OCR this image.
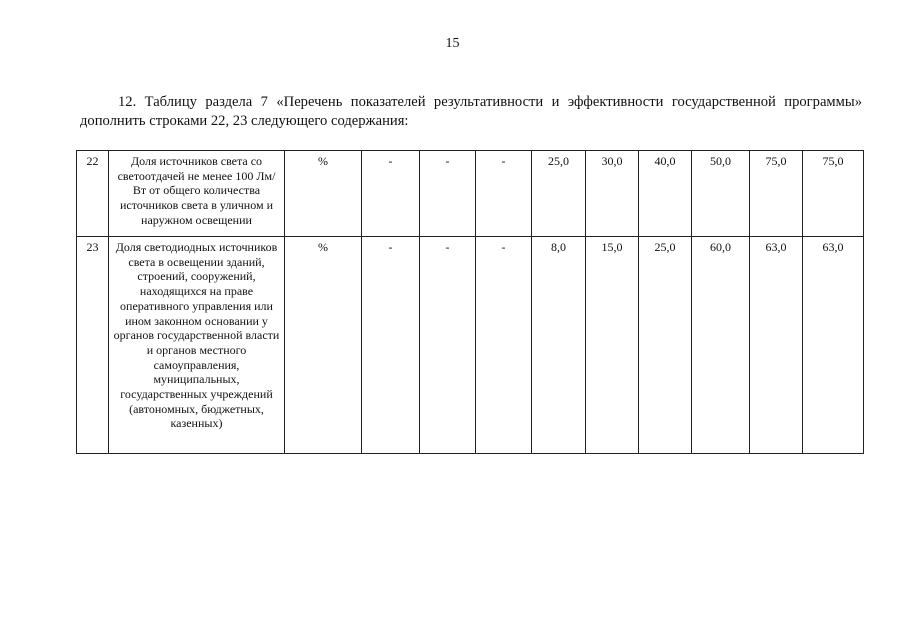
15
12. Таблицу раздела 7 «Перечень показателей результативности и эффективности государственной программы»
дополнить строками 22, 23 следующего содержания:
22	Доля источников света со светоотдачей не менее 100 Лм/Вт от общего количества источников света в уличном и наружном освещении	%	-	-	-	25,0	30,0	40,0	50,0	75,0	75,0
23	Доля светодиодных источников света в освещении зданий, строений, сооружений, находящихся на праве оперативного управления или ином законном основании у органов государственной власти и органов местного самоуправления, муниципальных, государственных учреждений (автономных, бюджетных, казенных)	%	-	-	-	8,0	15,0	25,0	60,0	63,0	63,0
